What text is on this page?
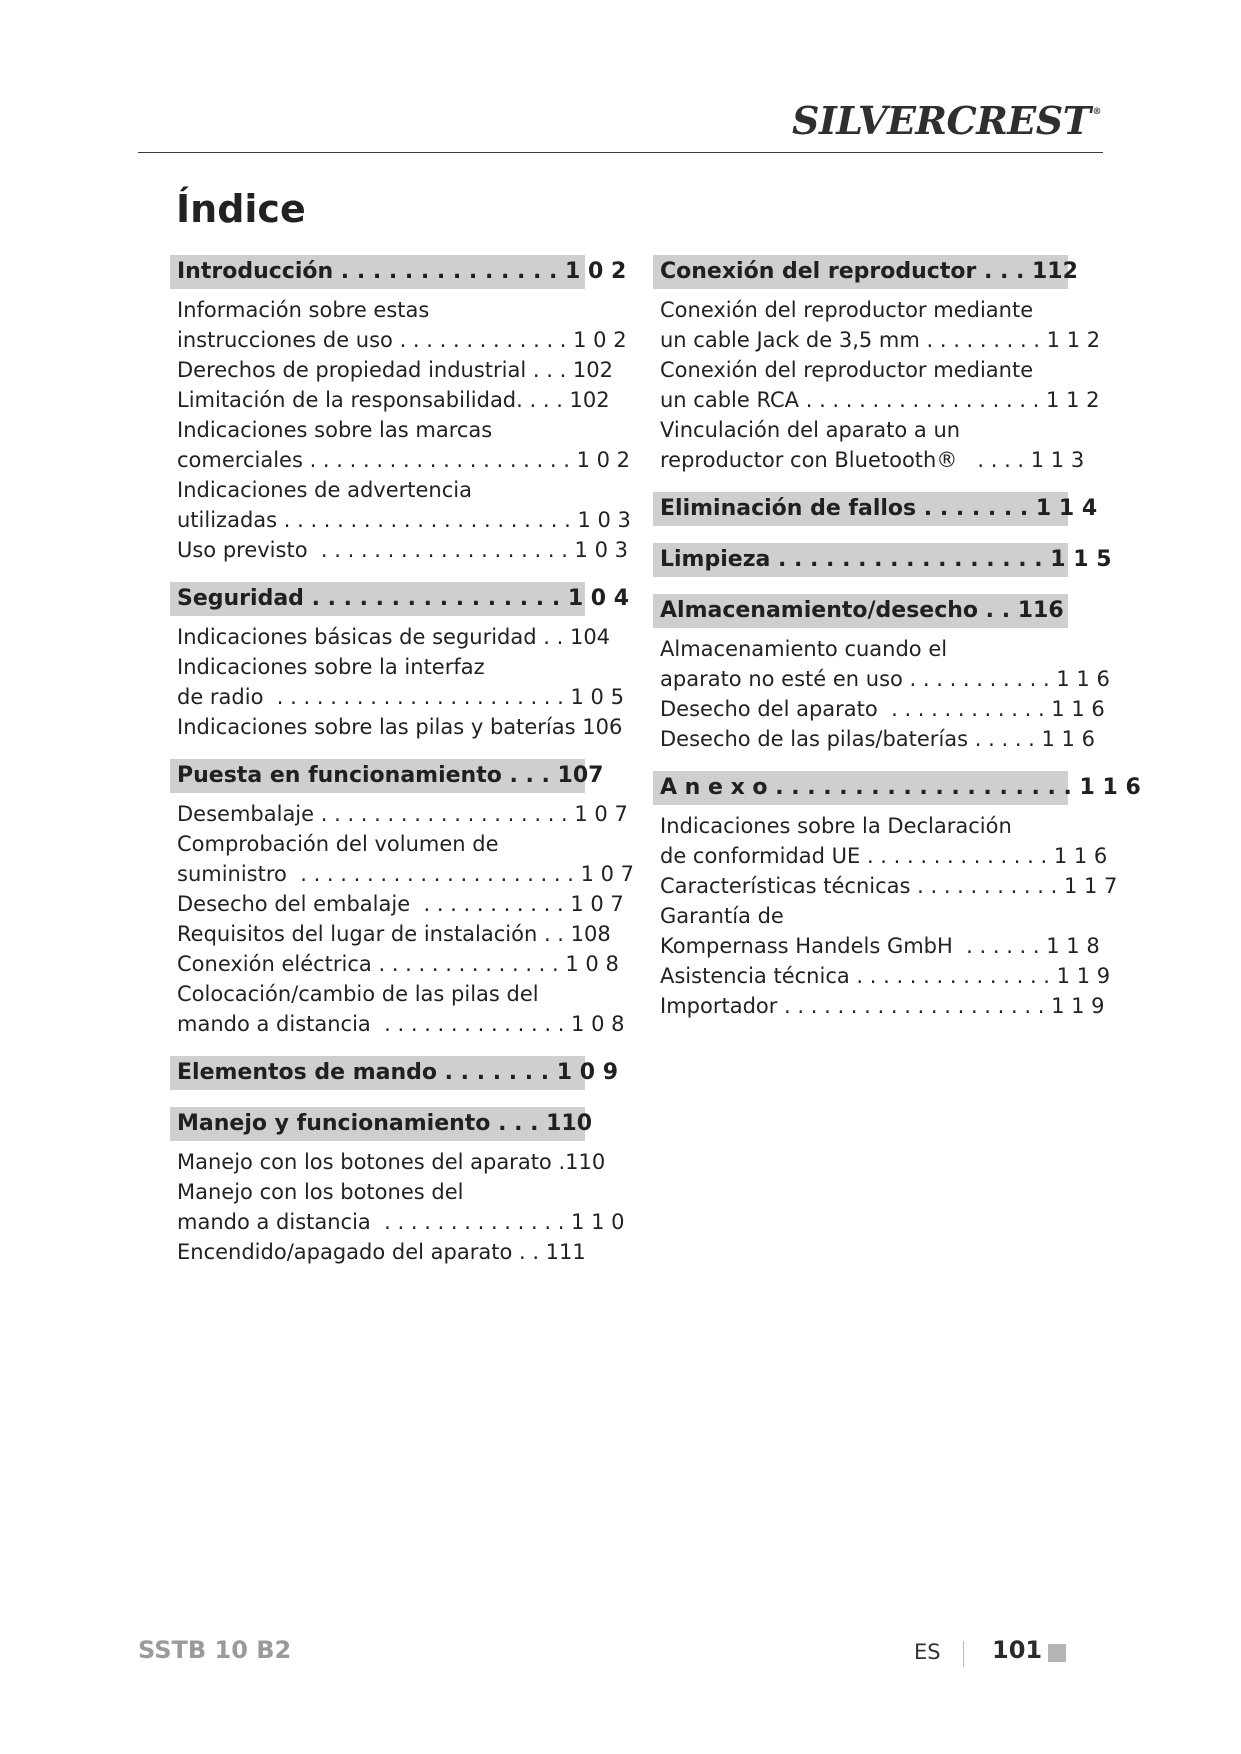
SILVERCREST ®
Índice
Introducción . . . . . . . . . . . . . . 1 0 2
Información sobre estas
instrucciones de uso . . . . . . . . . . . . . 1 0 2
Derechos de propiedad industrial . . . 102
Limitación de la responsabilidad. . . . 102
Indicaciones sobre las marcas
comerciales . . . . . . . . . . . . . . . . . . . . 1 0 2
Indicaciones de advertencia
utilizadas . . . . . . . . . . . . . . . . . . . . . . 1 0 3
Uso previsto  . . . . . . . . . . . . . . . . . . . 1 0 3
Seguridad . . . . . . . . . . . . . . . . 1 0 4
Indicaciones básicas de seguridad . . 104
Indicaciones sobre la interfaz
de radio  . . . . . . . . . . . . . . . . . . . . . . 1 0 5
Indicaciones sobre las pilas y baterías 106
Puesta en funcionamiento . . . 107
Desembalaje . . . . . . . . . . . . . . . . . . . 1 0 7
Comprobación del volumen de
suministro  . . . . . . . . . . . . . . . . . . . . . 1 0 7
Desecho del embalaje  . . . . . . . . . . . 1 0 7
Requisitos del lugar de instalación . . 108
Conexión eléctrica . . . . . . . . . . . . . . 1 0 8
Colocación/cambio de las pilas del
mando a distancia  . . . . . . . . . . . . . . 1 0 8
Elementos de mando . . . . . . . 1 0 9
Manejo y funcionamiento . . . 110
Manejo con los botones del aparato .110
Manejo con los botones del
mando a distancia  . . . . . . . . . . . . . . 1 1 0
Encendido/apagado del aparato . . 111
Conexión del reproductor . . . 112
Conexión del reproductor mediante
un cable Jack de 3,5 mm . . . . . . . . . 1 1 2
Conexión del reproductor mediante
un cable RCA . . . . . . . . . . . . . . . . . . 1 1 2
Vinculación del aparato a un
reproductor con Bluetooth®   . . . . 1 1 3
Eliminación de fallos . . . . . . . 1 1 4
Limpieza . . . . . . . . . . . . . . . . . 1 1 5
Almacenamiento/desecho . . 116
Almacenamiento cuando el
aparato no esté en uso . . . . . . . . . . . 1 1 6
Desecho del aparato  . . . . . . . . . . . . 1 1 6
Desecho de las pilas/baterías . . . . . 1 1 6
A n e x o . . . . . . . . . . . . . . . . . . . 1 1 6
Indicaciones sobre la Declaración
de conformidad UE . . . . . . . . . . . . . . 1 1 6
Características técnicas . . . . . . . . . . . 1 1 7
Garantía de
Kompernass Handels GmbH  . . . . . . 1 1 8
Asistencia técnica . . . . . . . . . . . . . . . 1 1 9
Importador . . . . . . . . . . . . . . . . . . . . 1 1 9
SSTB 10 B2	ES 101
